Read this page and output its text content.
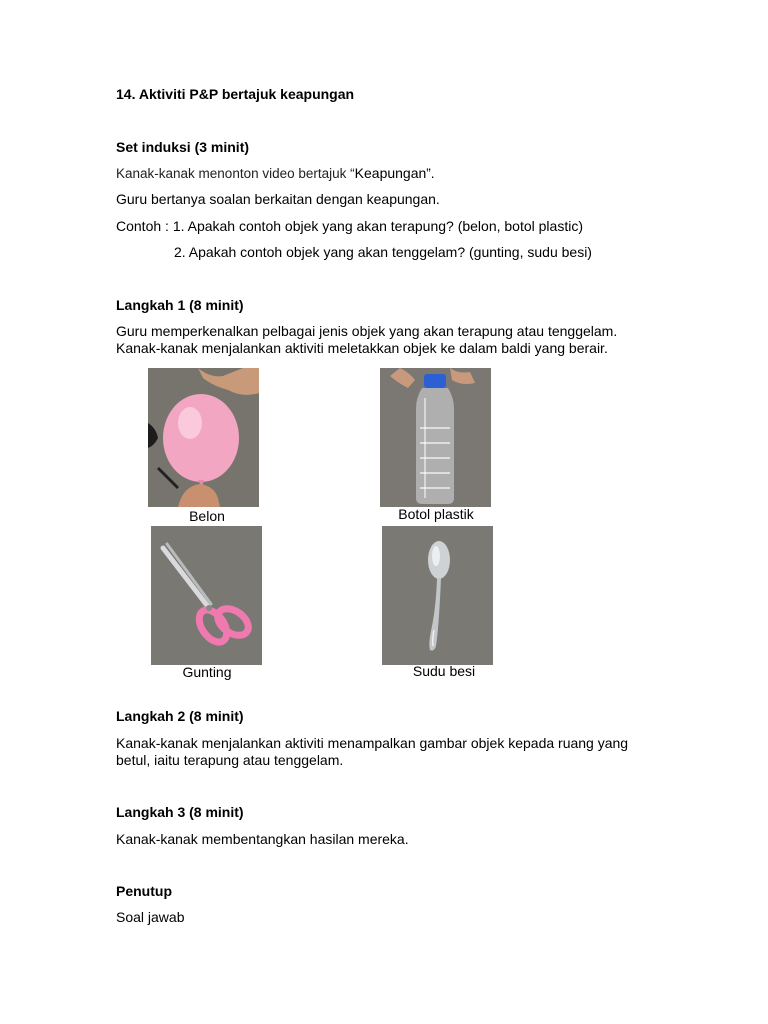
14. Aktiviti P&P bertajuk keapungan
Set induksi (3 minit)
Kanak-kanak menonton video bertajuk “Keapungan”.
Guru bertanya soalan berkaitan dengan keapungan.
Contoh : 1. Apakah contoh objek yang akan terapung? (belon, botol plastic)
2. Apakah contoh objek yang akan tenggelam? (gunting, sudu besi)
Langkah 1 (8 minit)
Guru memperkenalkan pelbagai jenis objek yang akan terapung atau tenggelam.
Kanak-kanak menjalankan aktiviti meletakkan objek ke dalam baldi yang berair.
Belon	Botol plastik
Gunting	Sudu besi
Langkah 2 (8 minit)
Kanak-kanak menjalankan aktiviti menampalkan gambar objek kepada ruang yang
betul, iaitu terapung atau tenggelam.
Langkah 3 (8 minit)
Kanak-kanak membentangkan hasilan mereka.
Penutup
Soal jawab
